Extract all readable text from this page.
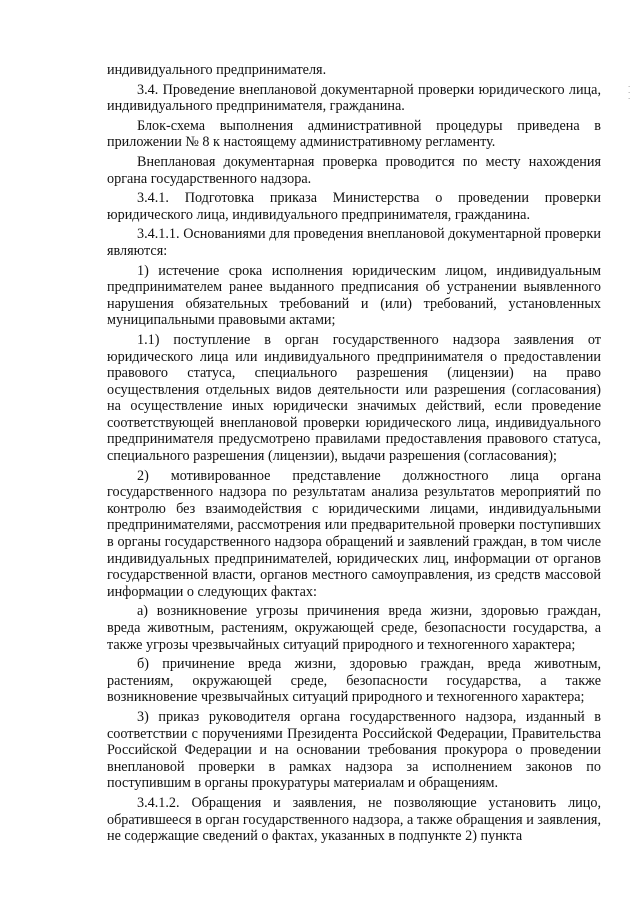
индивидуального предпринимателя.

3.4. Проведение внеплановой документарной проверки юридического лица, индивидуального предпринимателя, гражданина.

Блок-схема выполнения административной процедуры приведена в приложении № 8 к настоящему административному регламенту.

Внеплановая документарная проверка проводится по месту нахождения органа государственного надзора.

3.4.1. Подготовка приказа Министерства о проведении проверки юридического лица, индивидуального предпринимателя, гражданина.

3.4.1.1. Основаниями для проведения внеплановой документарной проверки являются:

1) истечение срока исполнения юридическим лицом, индивидуальным предпринимателем ранее выданного предписания об устранении выявленного нарушения обязательных требований и (или) требований, установленных муниципальными правовыми актами;

1.1) поступление в орган государственного надзора заявления от юридического лица или индивидуального предпринимателя о предоставлении правового статуса, специального разрешения (лицензии) на право осуществления отдельных видов деятельности или разрешения (согласования) на осуществление иных юридически значимых действий, если проведение соответствующей внеплановой проверки юридического лица, индивидуального предпринимателя предусмотрено правилами предоставления правового статуса, специального разрешения (лицензии), выдачи разрешения (согласования);

2) мотивированное представление должностного лица органа государственного надзора по результатам анализа результатов мероприятий по контролю без взаимодействия с юридическими лицами, индивидуальными предпринимателями, рассмотрения или предварительной проверки поступивших в органы государственного надзора обращений и заявлений граждан, в том числе индивидуальных предпринимателей, юридических лиц, информации от органов государственной власти, органов местного самоуправления, из средств массовой информации о следующих фактах:

а) возникновение угрозы причинения вреда жизни, здоровью граждан, вреда животным, растениям, окружающей среде, безопасности государства, а также угрозы чрезвычайных ситуаций природного и техногенного характера;

б) причинение вреда жизни, здоровью граждан, вреда животным, растениям, окружающей среде, безопасности государства, а также возникновение чрезвычайных ситуаций природного и техногенного характера;

3) приказ руководителя органа государственного надзора, изданный в соответствии с поручениями Президента Российской Федерации, Правительства Российской Федерации и на основании требования прокурора о проведении внеплановой проверки в рамках надзора за исполнением законов по поступившим в органы прокуратуры материалам и обращениям.

3.4.1.2. Обращения и заявления, не позволяющие установить лицо, обратившееся в орган государственного надзора, а также обращения и заявления, не содержащие сведений о фактах, указанных в подпункте 2) пункта

·
·
·
